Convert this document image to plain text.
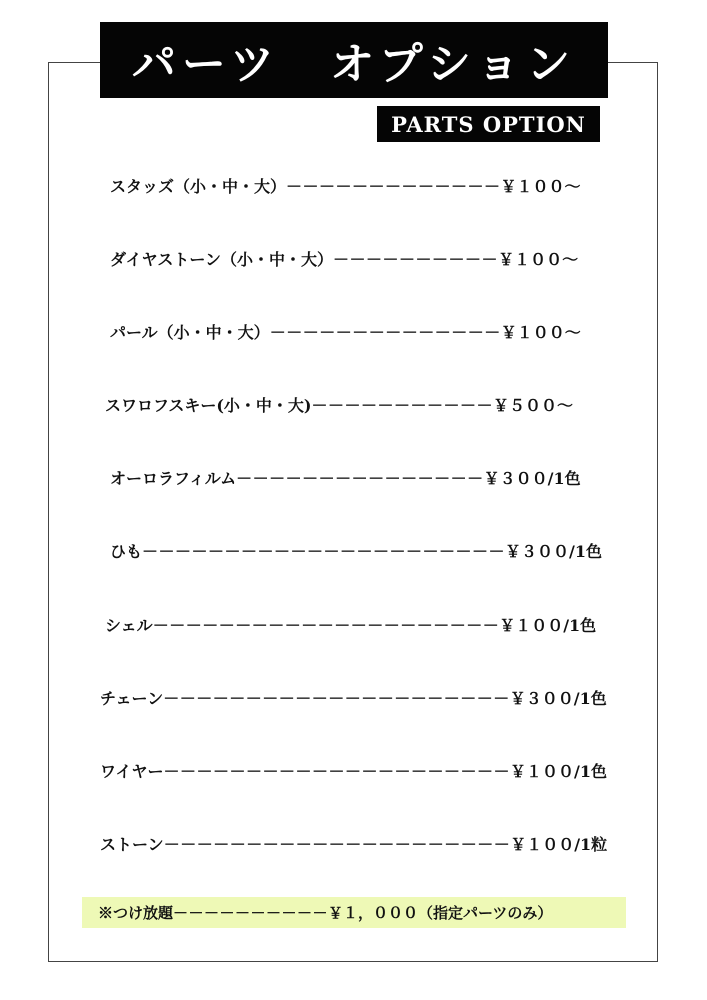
パーツ　オプション
PARTS OPTION
スタッズ（小・中・大）－－－－－－－－－－－－－￥１００～
ダイヤストーン（小・中・大）－－－－－－－－－－￥１００～
パール（小・中・大）－－－－－－－－－－－－－－￥１００～
スワロフスキー(小・中・大)－－－－－－－－－－－￥５００～
オーロラフィルム－－－－－－－－－－－－－－－￥３００/1色
ひも－－－－－－－－－－－－－－－－－－－－－－￥３００/1色
シェル－－－－－－－－－－－－－－－－－－－－－￥１００/1色
チェーン－－－－－－－－－－－－－－－－－－－－－￥３００/1色
ワイヤー－－－－－－－－－－－－－－－－－－－－－￥１００/1色
ストーン－－－－－－－－－－－－－－－－－－－－－￥１００/1粒
※つけ放題－－－－－－－－－－￥１，０００（指定パーツのみ）
